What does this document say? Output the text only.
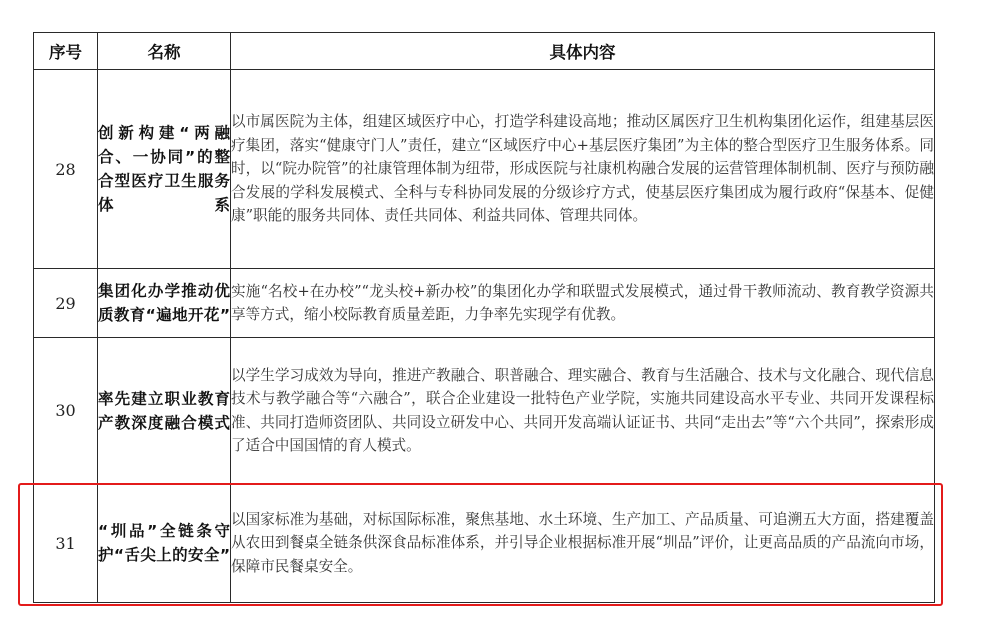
序号	名称	具体内容
28	创新构建“两融合、一协同”的整合型医疗卫生服务体系	以市属医院为主体，组建区域医疗中心，打造学科建设高地；推动区属医疗卫生机构集团化运作，组建基层医疗集团，落实“健康守门人”责任，建立“区域医疗中心+基层医疗集团”为主体的整合型医疗卫生服务体系。同时，以“院办院管”的社康管理体制为纽带，形成医院与社康机构融合发展的运营管理体制机制、医疗与预防融合发展的学科发展模式、全科与专科协同发展的分级诊疗方式，使基层医疗集团成为履行政府“保基本、促健康”职能的服务共同体、责任共同体、利益共同体、管理共同体。
29	集团化办学推动优质教育“遍地开花”	实施“名校+在办校”“龙头校+新办校”的集团化办学和联盟式发展模式，通过骨干教师流动、教育教学资源共享等方式，缩小校际教育质量差距，力争率先实现学有优教。
30	率先建立职业教育产教深度融合模式	以学生学习成效为导向，推进产教融合、职普融合、理实融合、教育与生活融合、技术与文化融合、现代信息技术与教学融合等“六融合”，联合企业建设一批特色产业学院，实施共同建设高水平专业、共同开发课程标准、共同打造师资团队、共同设立研发中心、共同开发高端认证证书、共同“走出去”等“六个共同”，探索形成了适合中国国情的育人模式。
31	“圳品”全链条守护“舌尖上的安全”	以国家标准为基础，对标国际标准，聚焦基地、水土环境、生产加工、产品质量、可追溯五大方面，搭建覆盖从农田到餐桌全链条供深食品标准体系，并引导企业根据标准开展“圳品”评价，让更高品质的产品流向市场，保障市民餐桌安全。
